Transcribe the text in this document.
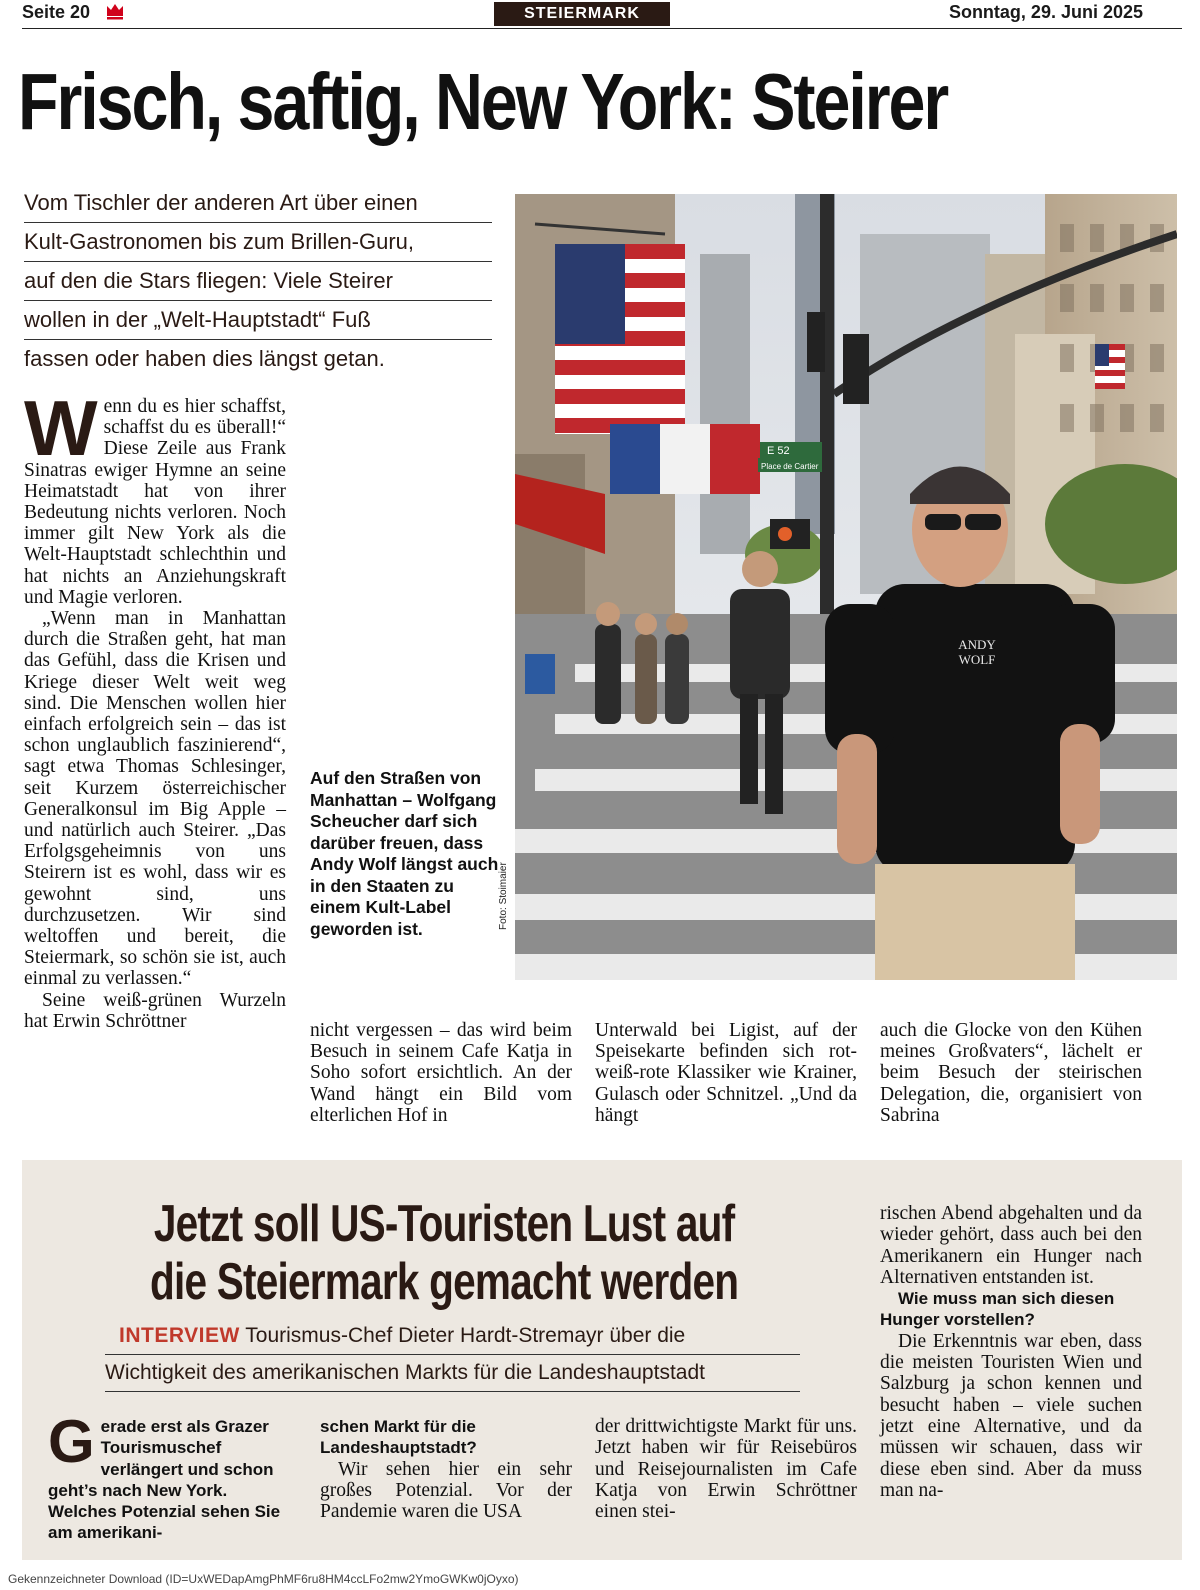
Seite 20	STEIERMARK	Sonntag, 29. Juni 2025
Frisch, saftig, New York: Steirer
Vom Tischler der anderen Art über einen
Kult-Gastronomen bis zum Brillen-Guru,
auf den die Stars fliegen: Viele Steirer
wollen in der „Welt-Hauptstadt“ Fuß
fassen oder haben dies längst getan.

Wenn du es hier schaffst, schaffst du es überall!“ Diese Zeile aus Frank Sinatras ewiger Hymne an seine Heimatstadt hat von ihrer Bedeutung nichts verloren. Noch immer gilt New York als die Welt-Hauptstadt schlechthin und hat nichts an Anziehungskraft und Magie verloren.

„Wenn man in Manhattan durch die Straßen geht, hat man das Gefühl, dass die Krisen und Kriege dieser Welt weit weg sind. Die Menschen wollen hier einfach erfolgreich sein – das ist schon unglaublich faszinierend“, sagt etwa Thomas Schlesinger, seit Kurzem österreichischer Generalkonsul im Big Apple – und natürlich auch Steirer. „Das Erfolgsgeheimnis von uns Steirern ist es wohl, dass wir es gewohnt sind, uns durchzusetzen. Wir sind weltoffen und bereit, die Steiermark, so schön sie ist, auch einmal zu verlassen.“

Seine weiß-grünen Wurzeln hat Erwin Schröttner

Auf den Straßen von Manhattan – Wolfgang Scheucher darf sich darüber freuen, dass Andy Wolf längst auch in den Staaten zu einem Kult-Label geworden ist.	Foto: Stoimaier
E 52
Place de Cartier
ANDY
WOLF
nicht vergessen – das wird beim Besuch in seinem Cafe Katja in Soho sofort ersichtlich. An der Wand hängt ein Bild vom elterlichen Hof in
Unterwald bei Ligist, auf der Speisekarte befinden sich rot-weiß-rote Klassiker wie Krainer, Gulasch oder Schnitzel. „Und da hängt
auch die Glocke von den Kühen meines Großvaters“, lächelt er beim Besuch der steirischen Delegation, die, organisiert von Sabrina
Jetzt soll US-Touristen Lust auf
die Steiermark gemacht werden
INTERVIEW Tourismus-Chef Dieter Hardt-Stremayr über die
Wichtigkeit des amerikanischen Markts für die Landeshauptstadt

Gerade erst als Grazer Tourismuschef verlängert und schon geht’s nach New York. Welches Potenzial sehen Sie am amerikani-

schen Markt für die Landeshauptstadt?

Wir sehen hier ein sehr großes Potenzial. Vor der Pandemie waren die USA

der drittwichtigste Markt für uns. Jetzt haben wir für Reisebüros und Reisejournalisten im Cafe Katja von Erwin Schröttner einen stei-

rischen Abend abgehalten und da wieder gehört, dass auch bei den Amerikanern ein Hunger nach Alternativen entstanden ist.

Wie muss man sich diesen Hunger vorstellen?

Die Erkenntnis war eben, dass die meisten Touristen Wien und Salzburg ja schon kennen und besucht haben – viele suchen jetzt eine Alternative, und da müssen wir schauen, dass wir diese eben sind. Aber da muss man na-

Gekennzeichneter Download (ID=UxWEDapAmgPhMF6ru8HM4ccLFo2mw2YmoGWKw0jOyxo)
